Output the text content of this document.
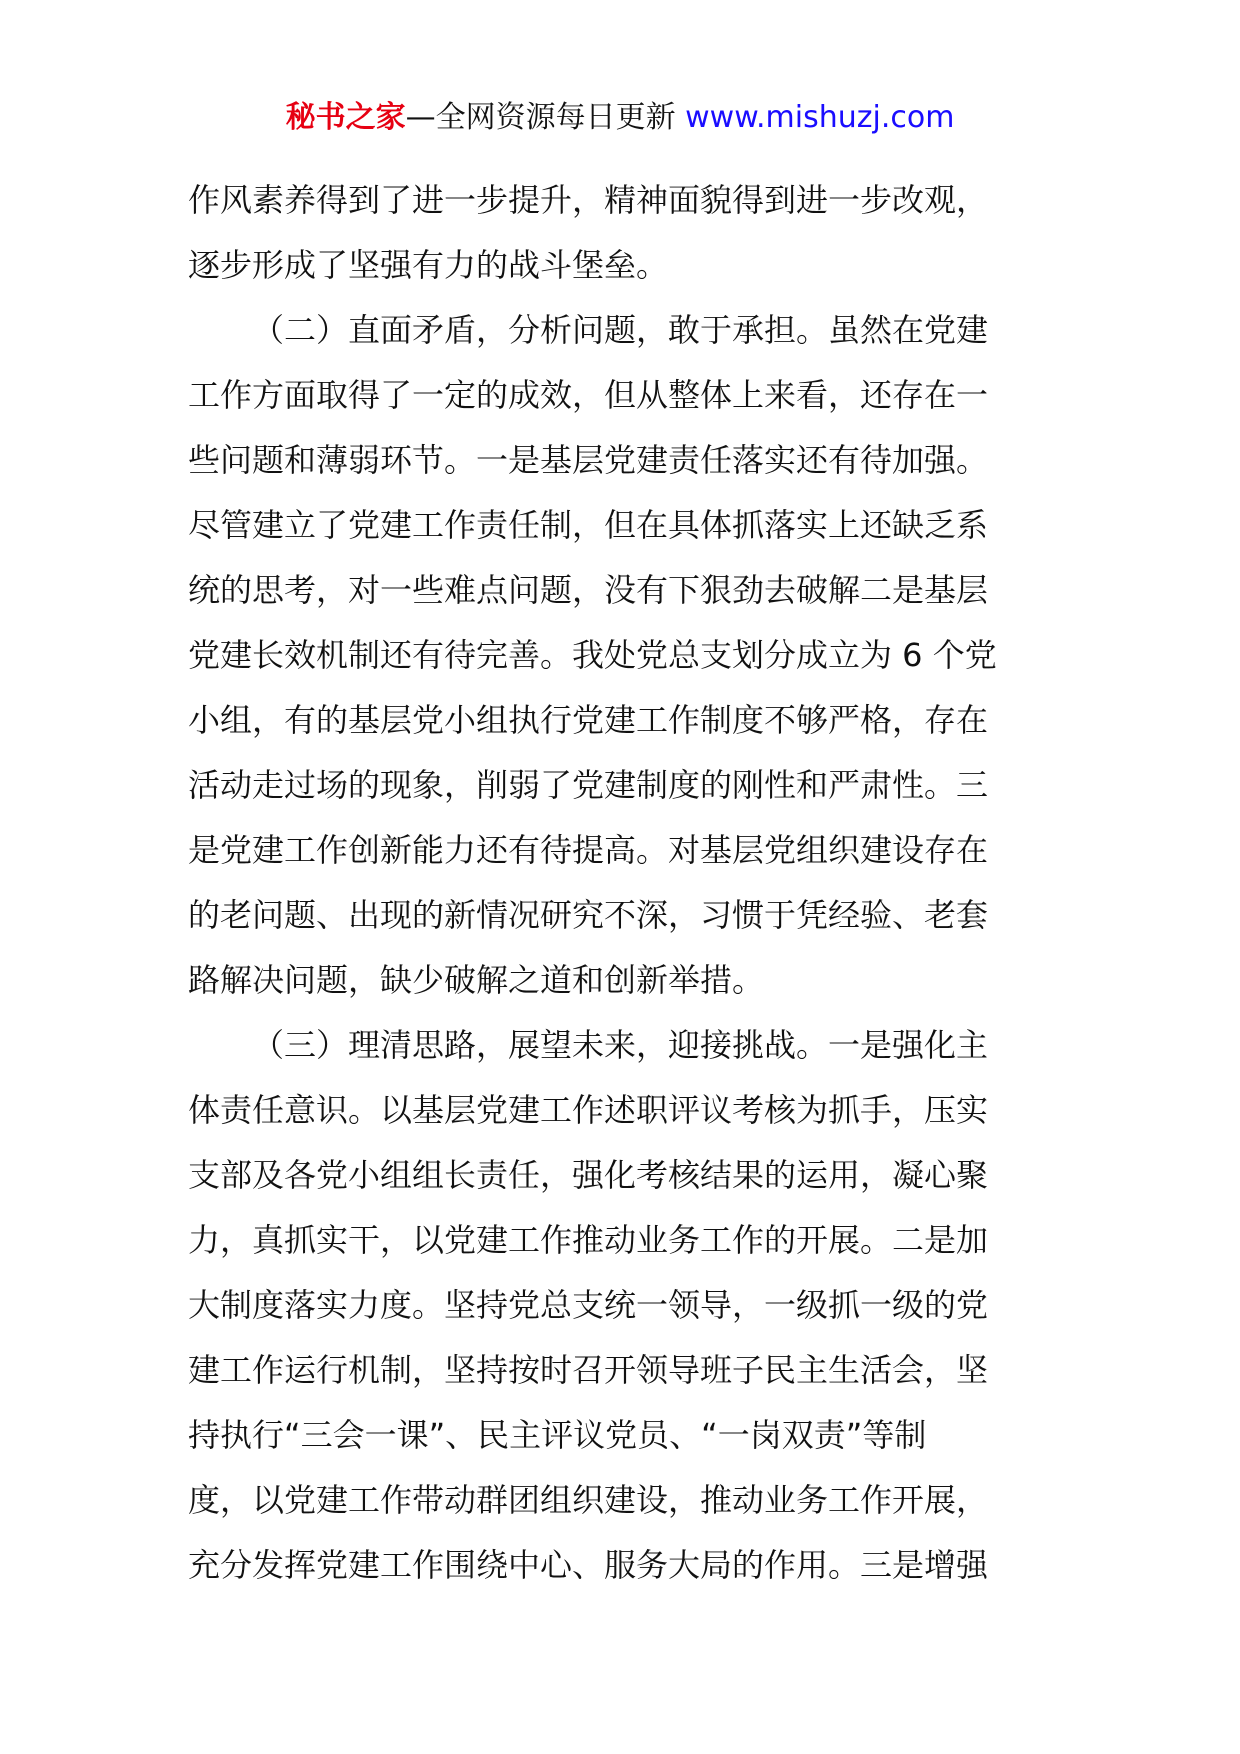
秘书之家—全网资源每日更新 www.mishuzj.com
作风素养得到了进一步提升，精神面貌得到进一步改观，
逐步形成了坚强有力的战斗堡垒。
（二）直面矛盾，分析问题，敢于承担。虽然在党建
工作方面取得了一定的成效，但从整体上来看，还存在一
些问题和薄弱环节。一是基层党建责任落实还有待加强。
尽管建立了党建工作责任制，但在具体抓落实上还缺乏系
统的思考，对一些难点问题，没有下狠劲去破解二是基层
党建长效机制还有待完善。我处党总支划分成立为 6 个党
小组，有的基层党小组执行党建工作制度不够严格，存在
活动走过场的现象，削弱了党建制度的刚性和严肃性。三
是党建工作创新能力还有待提高。对基层党组织建设存在
的老问题、出现的新情况研究不深，习惯于凭经验、老套
路解决问题，缺少破解之道和创新举措。
（三）理清思路，展望未来，迎接挑战。一是强化主
体责任意识。以基层党建工作述职评议考核为抓手，压实
支部及各党小组组长责任，强化考核结果的运用，凝心聚
力，真抓实干，以党建工作推动业务工作的开展。二是加
大制度落实力度。坚持党总支统一领导，一级抓一级的党
建工作运行机制，坚持按时召开领导班子民主生活会，坚
持执行“三会一课”、民主评议党员、“一岗双责”等制
度，以党建工作带动群团组织建设，推动业务工作开展，
充分发挥党建工作围绕中心、服务大局的作用。三是增强
